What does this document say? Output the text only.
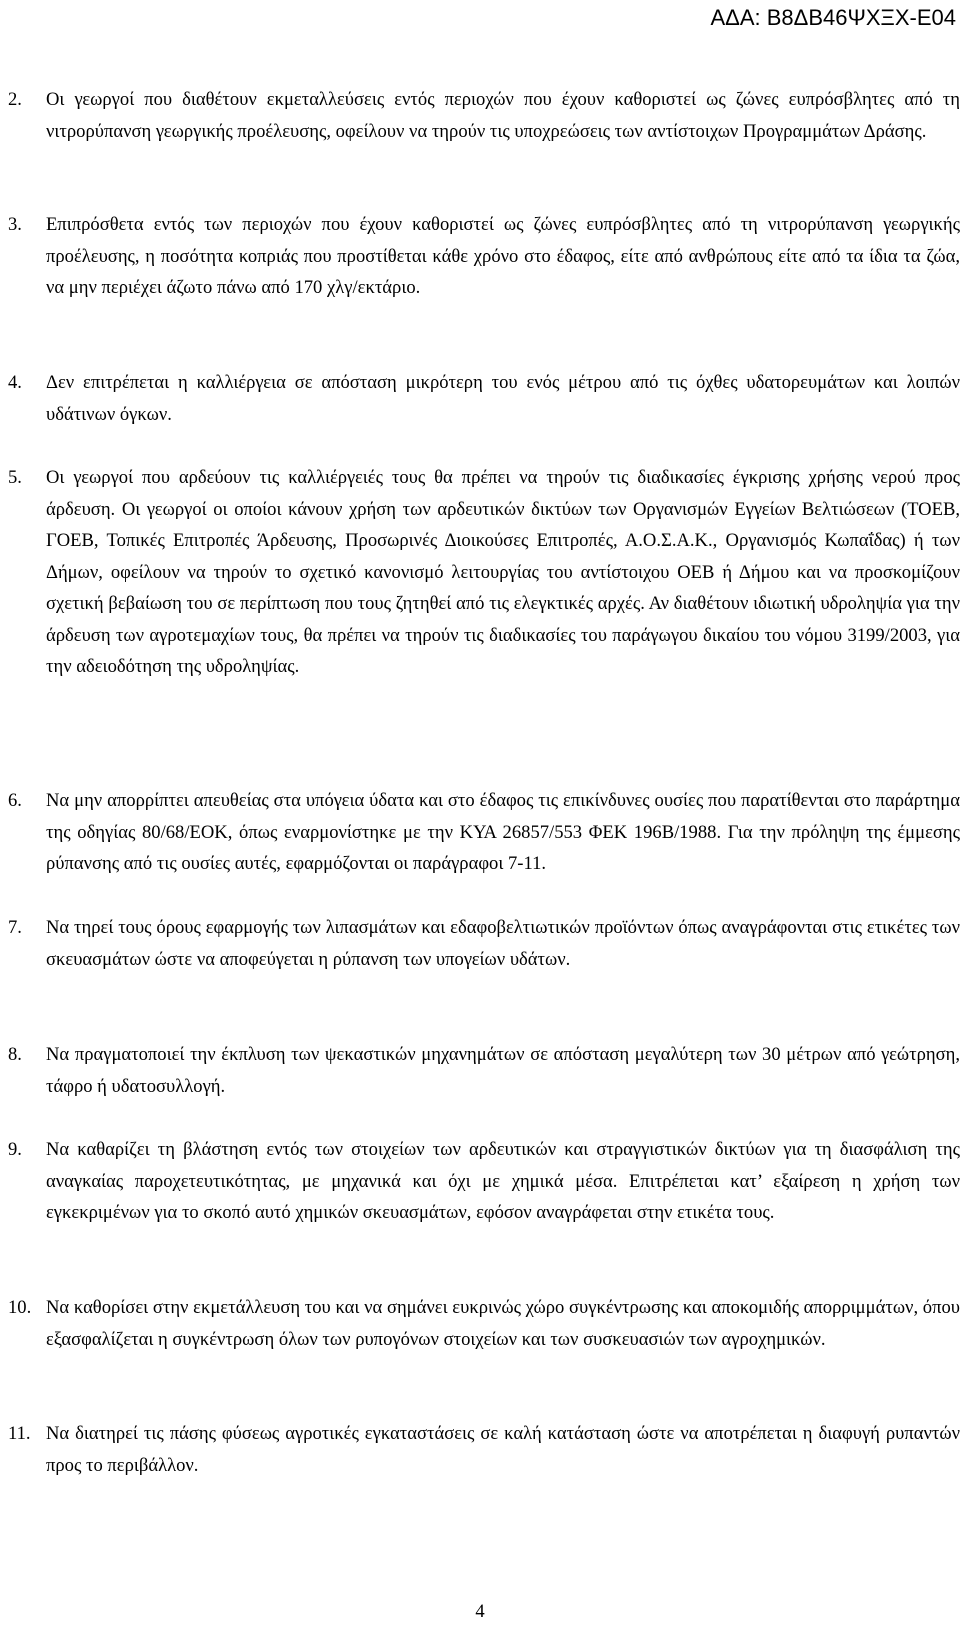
ΑΔΑ: Β8ΔΒ46ΨΧΞΧ-Ε04
2. Οι γεωργοί που διαθέτουν εκμεταλλεύσεις εντός περιοχών που έχουν καθοριστεί ως ζώνες ευπρόσβλητες από τη νιτρορύπανση γεωργικής προέλευσης, οφείλουν να τηρούν τις υποχρεώσεις των αντίστοιχων Προγραμμάτων Δράσης.
3. Επιπρόσθετα εντός των περιοχών που έχουν καθοριστεί ως ζώνες ευπρόσβλητες από τη νιτρορύπανση γεωργικής προέλευσης, η ποσότητα κοπριάς που προστίθεται κάθε χρόνο στο έδαφος, είτε από ανθρώπους είτε από τα ίδια τα ζώα, να μην περιέχει άζωτο πάνω από 170 χλγ/εκτάριο.
4. Δεν επιτρέπεται η καλλιέργεια σε απόσταση μικρότερη του ενός μέτρου από τις όχθες υδατορευμάτων και λοιπών υδάτινων όγκων.
5. Οι γεωργοί που αρδεύουν τις καλλιέργειές τους θα πρέπει να τηρούν τις διαδικασίες έγκρισης χρήσης νερού προς άρδευση. Οι γεωργοί οι οποίοι κάνουν χρήση των αρδευτικών δικτύων των Οργανισμών Εγγείων Βελτιώσεων (ΤΟΕΒ, ΓΟΕΒ, Τοπικές Επιτροπές Άρδευσης, Προσωρινές Διοικούσες Επιτροπές, Α.Ο.Σ.Α.Κ., Οργανισμός Κωπαΐδας) ή των Δήμων, οφείλουν να τηρούν το σχετικό κανονισμό λειτουργίας του αντίστοιχου ΟΕΒ ή Δήμου και να προσκομίζουν σχετική βεβαίωση του σε περίπτωση που τους ζητηθεί από τις ελεγκτικές αρχές. Αν διαθέτουν ιδιωτική υδροληψία για την άρδευση των αγροτεμαχίων τους, θα πρέπει να τηρούν τις διαδικασίες του παράγωγου δικαίου του νόμου 3199/2003, για την αδειοδότηση της υδροληψίας.
6. Να μην απορρίπτει απευθείας στα υπόγεια ύδατα και στο έδαφος τις επικίνδυνες ουσίες που παρατίθενται στο παράρτημα της οδηγίας 80/68/ΕΟΚ, όπως εναρμονίστηκε με την ΚΥΑ 26857/553 ΦΕΚ 196Β/1988. Για την πρόληψη της έμμεσης ρύπανσης από τις ουσίες αυτές, εφαρμόζονται οι παράγραφοι 7-11.
7. Να τηρεί τους όρους εφαρμογής των λιπασμάτων και εδαφοβελτιωτικών προϊόντων όπως αναγράφονται στις ετικέτες των σκευασμάτων ώστε να αποφεύγεται η ρύπανση των υπογείων υδάτων.
8. Να πραγματοποιεί την έκπλυση των ψεκαστικών μηχανημάτων σε απόσταση μεγαλύτερη των 30 μέτρων από γεώτρηση, τάφρο ή υδατοσυλλογή.
9. Να καθαρίζει τη βλάστηση εντός των στοιχείων των αρδευτικών και στραγγιστικών δικτύων για τη διασφάλιση της αναγκαίας παροχετευτικότητας, με μηχανικά και όχι με χημικά μέσα. Επιτρέπεται κατ’ εξαίρεση η χρήση των εγκεκριμένων για το σκοπό αυτό χημικών σκευασμάτων, εφόσον αναγράφεται στην ετικέτα τους.
10. Να καθορίσει στην εκμετάλλευση του και να σημάνει ευκρινώς χώρο συγκέντρωσης και αποκομιδής απορριμμάτων, όπου εξασφαλίζεται η συγκέντρωση όλων των ρυπογόνων στοιχείων και των συσκευασιών των αγροχημικών.
11. Να διατηρεί τις πάσης φύσεως αγροτικές εγκαταστάσεις σε καλή κατάσταση ώστε να αποτρέπεται η διαφυγή ρυπαντών προς το περιβάλλον.
4
